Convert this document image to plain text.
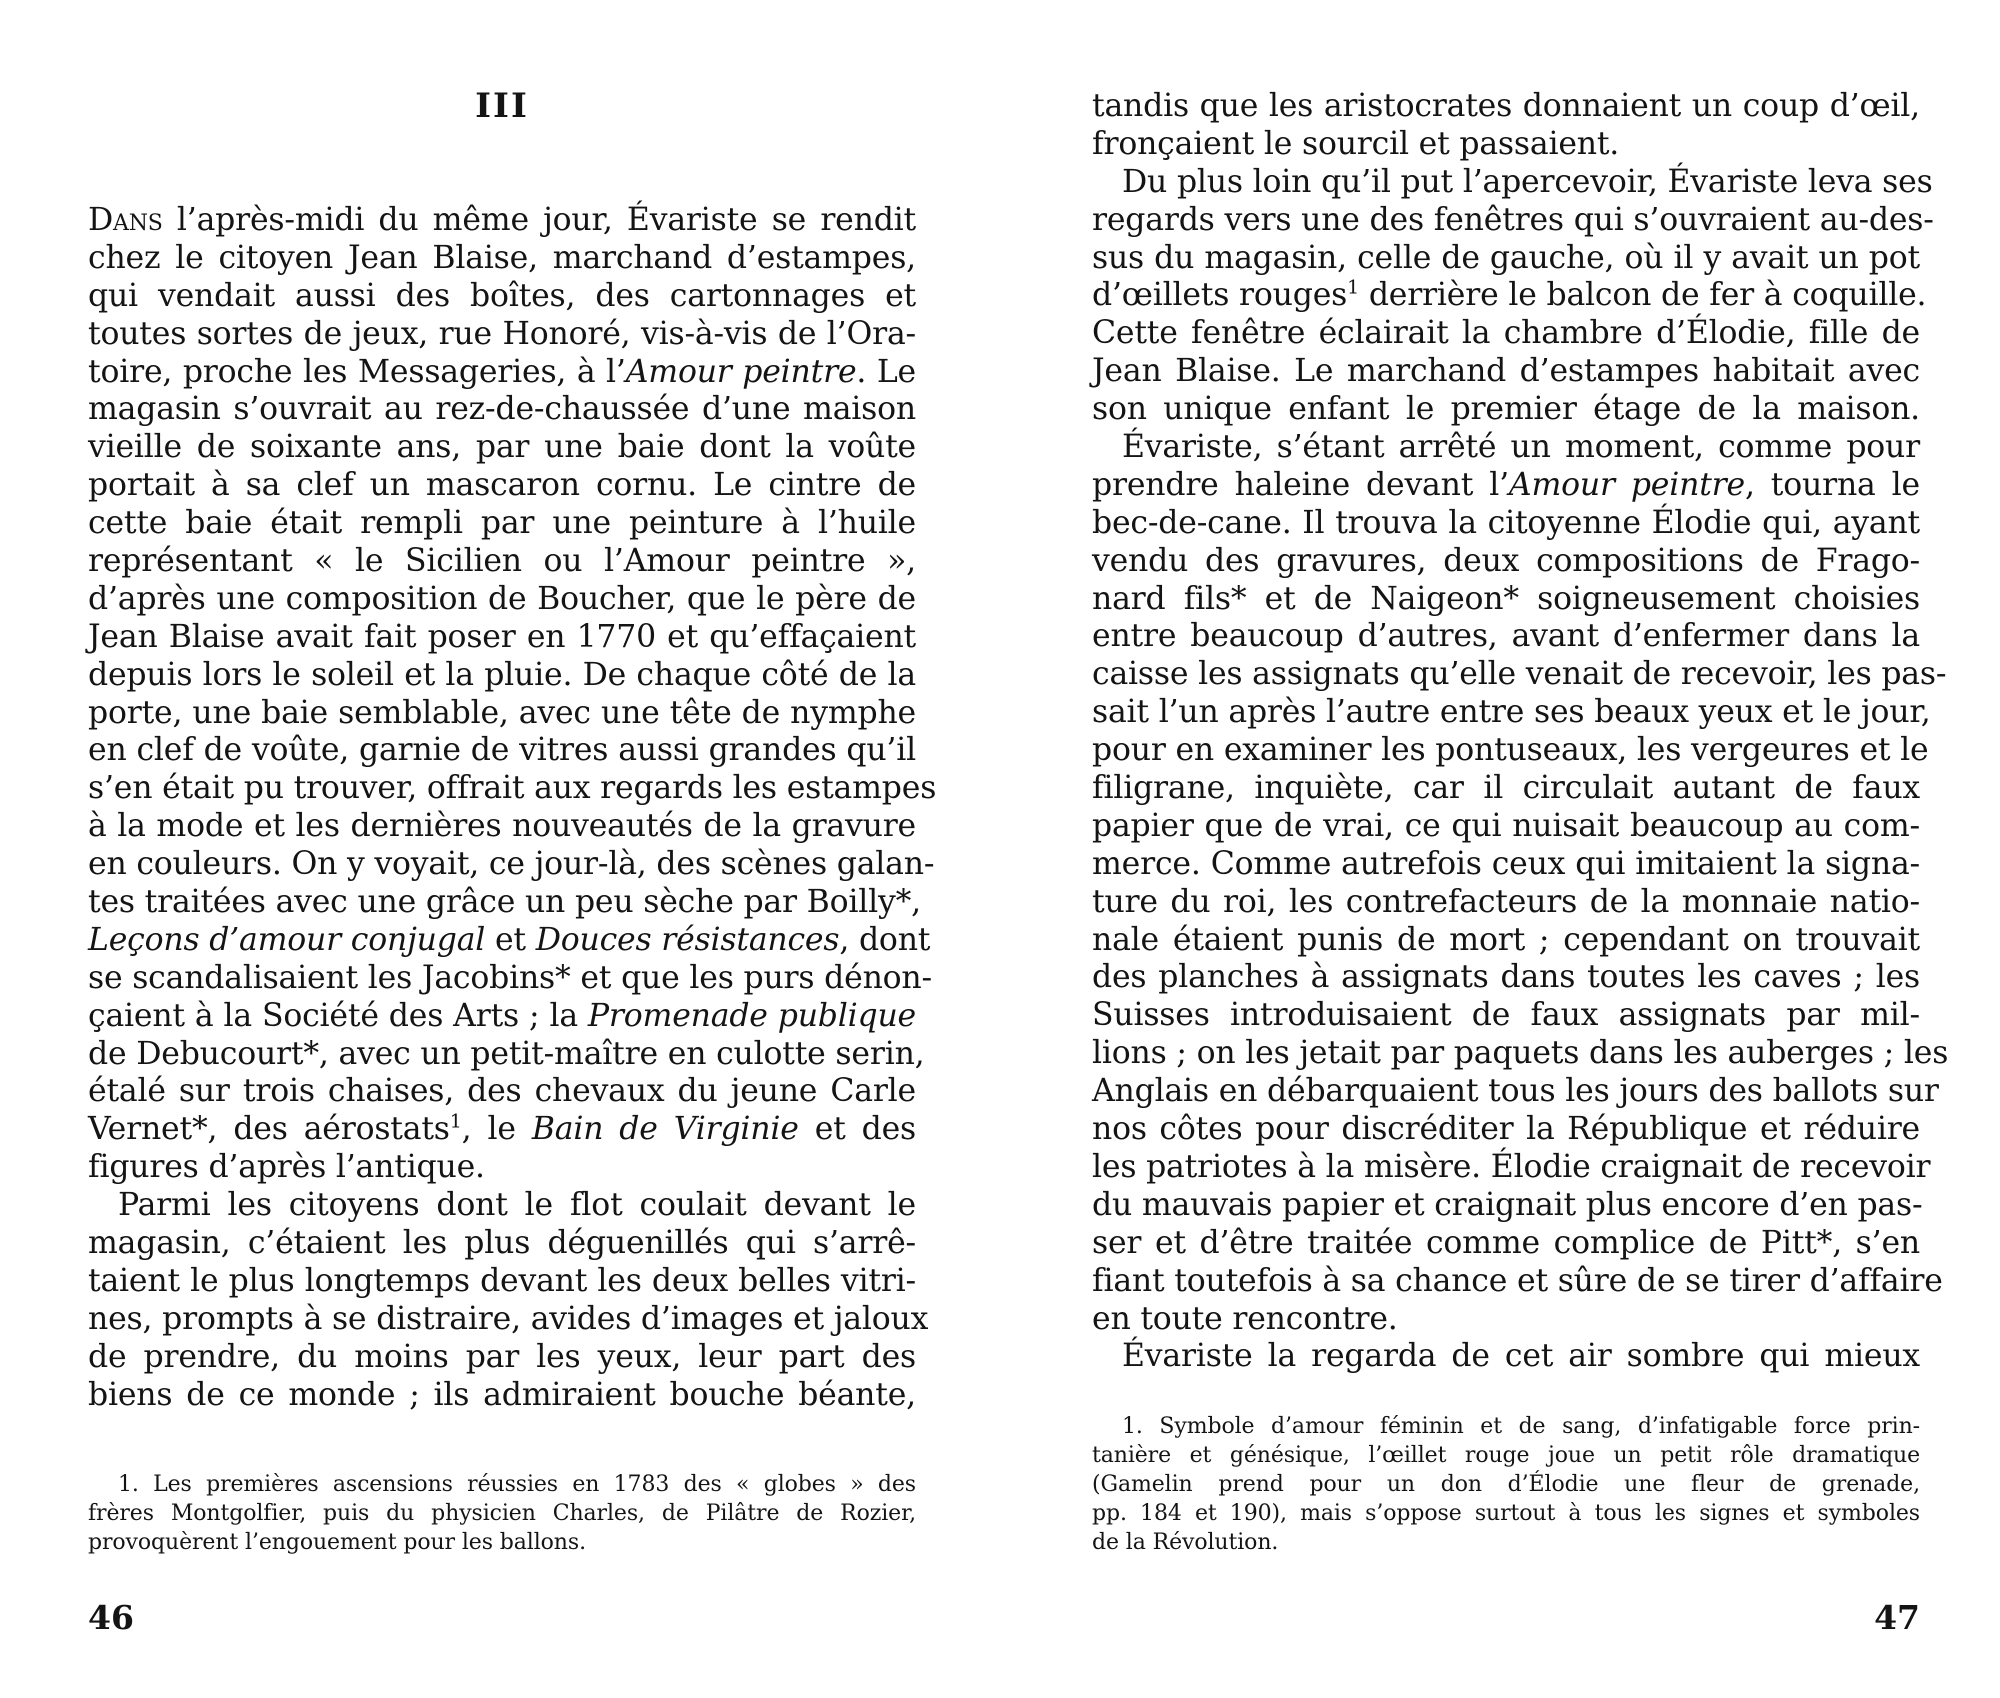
III
Dans l’après-midi du même jour, Évariste se rendit
chez le citoyen Jean Blaise, marchand d’estampes,
qui vendait aussi des boîtes, des cartonnages et
toutes sortes de jeux, rue Honoré, vis-à-vis de l’Ora-
toire, proche les Messageries, à l’Amour peintre. Le
magasin s’ouvrait au rez-de-chaussée d’une maison
vieille de soixante ans, par une baie dont la voûte
portait à sa clef un mascaron cornu. Le cintre de
cette baie était rempli par une peinture à l’huile
représentant « le Sicilien ou l’Amour peintre »,
d’après une composition de Boucher, que le père de
Jean Blaise avait fait poser en 1770 et qu’effaçaient
depuis lors le soleil et la pluie. De chaque côté de la
porte, une baie semblable, avec une tête de nymphe
en clef de voûte, garnie de vitres aussi grandes qu’il
s’en était pu trouver, offrait aux regards les estampes
à la mode et les dernières nouveautés de la gravure
en couleurs. On y voyait, ce jour-là, des scènes galan-
tes traitées avec une grâce un peu sèche par Boilly*,
Leçons d’amour conjugal et Douces résistances, dont
se scandalisaient les Jacobins* et que les purs dénon-
çaient à la Société des Arts ; la Promenade publique
de Debucourt*, avec un petit-maître en culotte serin,
étalé sur trois chaises, des chevaux du jeune Carle
Vernet*, des aérostats$^1$, le Bain de Virginie et des
figures d’après l’antique.
Parmi les citoyens dont le flot coulait devant le
magasin, c’étaient les plus déguenillés qui s’arrê-
taient le plus longtemps devant les deux belles vitri-
nes, prompts à se distraire, avides d’images et jaloux
de prendre, du moins par les yeux, leur part des
biens de ce monde ; ils admiraient bouche béante,
1. Les premières ascensions réussies en 1783 des « globes » des
frères Montgolfier, puis du physicien Charles, de Pilâtre de Rozier,
provoquèrent l’engouement pour les ballons.
46
tandis que les aristocrates donnaient un coup d’œil,
fronçaient le sourcil et passaient.
Du plus loin qu’il put l’apercevoir, Évariste leva ses
regards vers une des fenêtres qui s’ouvraient au-des-
sus du magasin, celle de gauche, où il y avait un pot
d’œillets rouges$^1$ derrière le balcon de fer à coquille.
Cette fenêtre éclairait la chambre d’Élodie, fille de
Jean Blaise. Le marchand d’estampes habitait avec
son unique enfant le premier étage de la maison.
Évariste, s’étant arrêté un moment, comme pour
prendre haleine devant l’Amour peintre, tourna le
bec-de-cane. Il trouva la citoyenne Élodie qui, ayant
vendu des gravures, deux compositions de Frago-
nard fils* et de Naigeon* soigneusement choisies
entre beaucoup d’autres, avant d’enfermer dans la
caisse les assignats qu’elle venait de recevoir, les pas-
sait l’un après l’autre entre ses beaux yeux et le jour,
pour en examiner les pontuseaux, les vergeures et le
filigrane, inquiète, car il circulait autant de faux
papier que de vrai, ce qui nuisait beaucoup au com-
merce. Comme autrefois ceux qui imitaient la signa-
ture du roi, les contrefacteurs de la monnaie natio-
nale étaient punis de mort ; cependant on trouvait
des planches à assignats dans toutes les caves ; les
Suisses introduisaient de faux assignats par mil-
lions ; on les jetait par paquets dans les auberges ; les
Anglais en débarquaient tous les jours des ballots sur
nos côtes pour discréditer la République et réduire
les patriotes à la misère. Élodie craignait de recevoir
du mauvais papier et craignait plus encore d’en pas-
ser et d’être traitée comme complice de Pitt*, s’en
fiant toutefois à sa chance et sûre de se tirer d’affaire
en toute rencontre.
Évariste la regarda de cet air sombre qui mieux
1. Symbole d’amour féminin et de sang, d’infatigable force prin-
tanière et génésique, l’œillet rouge joue un petit rôle dramatique
(Gamelin prend pour un don d’Élodie une fleur de grenade,
pp. 184 et 190), mais s’oppose surtout à tous les signes et symboles
de la Révolution.
47
